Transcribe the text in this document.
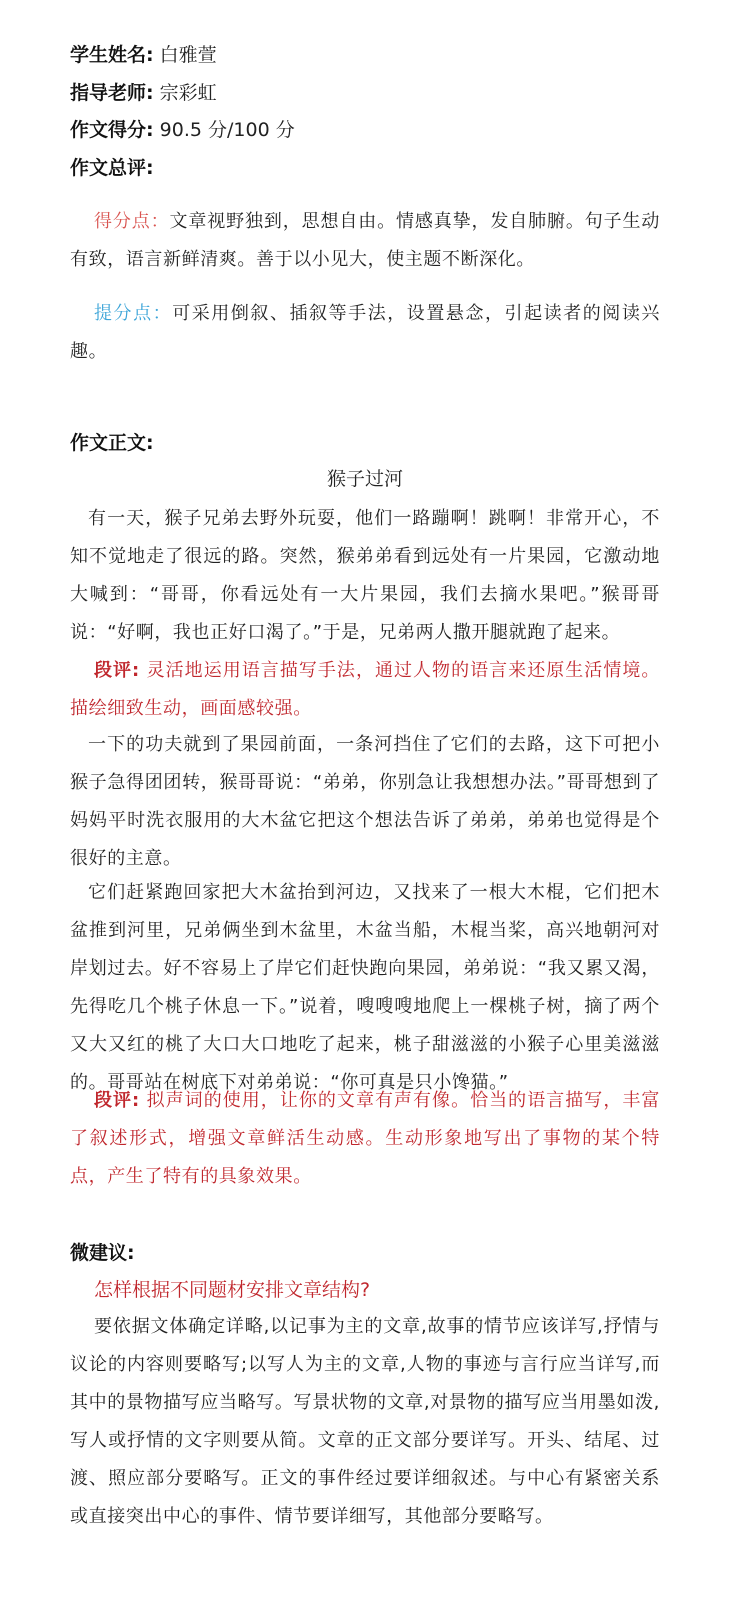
学生姓名: 白雅萱
指导老师: 宗彩虹
作文得分: 90.5 分/100 分
作文总评:
得分点：文章视野独到，思想自由。情感真挚，发自肺腑。句子生动有致，语言新鲜清爽。善于以小见大，使主题不断深化。
提分点：可采用倒叙、插叙等手法，设置悬念，引起读者的阅读兴趣。
作文正文:
猴子过河
有一天，猴子兄弟去野外玩耍，他们一路蹦啊！跳啊！非常开心，不知不觉地走了很远的路。突然，猴弟弟看到远处有一片果园，它激动地大喊到：“哥哥，你看远处有一大片果园，我们去摘水果吧。”猴哥哥说：“好啊，我也正好口渴了。”于是，兄弟两人撒开腿就跑了起来。
段评: 灵活地运用语言描写手法，通过人物的语言来还原生活情境。描绘细致生动，画面感较强。
一下的功夫就到了果园前面，一条河挡住了它们的去路，这下可把小猴子急得团团转，猴哥哥说：“弟弟，你别急让我想想办法。”哥哥想到了妈妈平时洗衣服用的大木盆它把这个想法告诉了弟弟，弟弟也觉得是个很好的主意。
它们赶紧跑回家把大木盆抬到河边，又找来了一根大木棍，它们把木盆推到河里，兄弟俩坐到木盆里，木盆当船，木棍当桨，高兴地朝河对岸划过去。好不容易上了岸它们赶快跑向果园，弟弟说：“我又累又渴，先得吃几个桃子休息一下。”说着，嗖嗖嗖地爬上一棵桃子树，摘了两个又大又红的桃了大口大口地吃了起来，桃子甜滋滋的小猴子心里美滋滋的。哥哥站在树底下对弟弟说：“你可真是只小馋猫。”
段评: 拟声词的使用，让你的文章有声有像。恰当的语言描写，丰富了叙述形式，增强文章鲜活生动感。生动形象地写出了事物的某个特点，产生了特有的具象效果。
微建议:
怎样根据不同题材安排文章结构?
要依据文体确定详略,以记事为主的文章,故事的情节应该详写,抒情与议论的内容则要略写;以写人为主的文章,人物的事迹与言行应当详写,而其中的景物描写应当略写。写景状物的文章,对景物的描写应当用墨如泼,写人或抒情的文字则要从简。文章的正文部分要详写。开头、结尾、过渡、照应部分要略写。正文的事件经过要详细叙述。与中心有紧密关系或直接突出中心的事件、情节要详细写，其他部分要略写。
